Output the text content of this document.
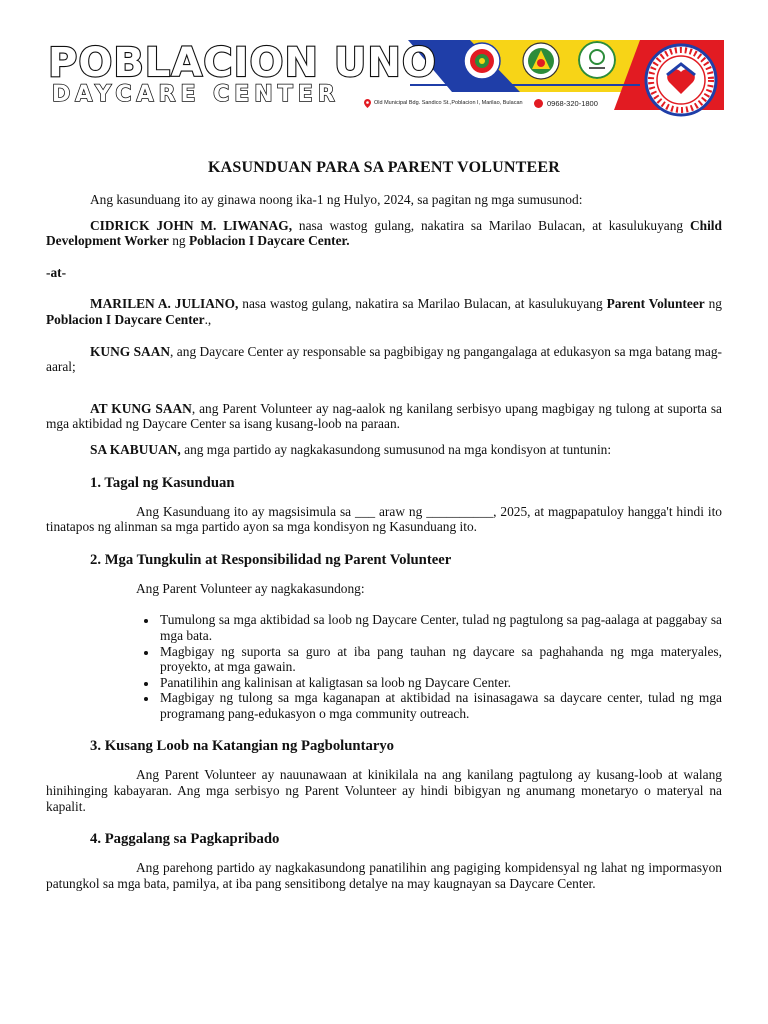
POBLACION UNO
DAYCARE CENTER	Old Municipal Bdg. Sandico St.,Poblacion I, Marilao, Bulacan	0968-320-1800
KASUNDUAN PARA SA PARENT VOLUNTEER

Ang kasunduang ito ay ginawa noong ika-1 ng Hulyo, 2024, sa pagitan ng mga sumusunod:

CIDRICK JOHN M. LIWANAG, nasa wastog gulang, nakatira sa Marilao Bulacan, at kasulukuyang Child Development Worker ng Poblacion I Daycare Center.

-at-

MARILEN A. JULIANO, nasa wastog gulang, nakatira sa Marilao Bulacan, at kasulukuyang Parent Volunteer ng Poblacion I Daycare Center.,

KUNG SAAN, ang Daycare Center ay responsable sa pagbibigay ng pangangalaga at edukasyon sa mga batang mag-aaral;

AT KUNG SAAN, ang Parent Volunteer ay nag-aalok ng kanilang serbisyo upang magbigay ng tulong at suporta sa mga aktibidad ng Daycare Center sa isang kusang-loob na paraan.

SA KABUUAN, ang mga partido ay nagkakasundong sumusunod na mga kondisyon at tuntunin:

1. Tagal ng Kasunduan

Ang Kasunduang ito ay magsisimula sa ___ araw ng __________, 2025, at magpapatuloy hangga't hindi ito tinatapos ng alinman sa mga partido ayon sa mga kondisyon ng Kasunduang ito.

2. Mga Tungkulin at Responsibilidad ng Parent Volunteer

Ang Parent Volunteer ay nagkakasundong:

• Tumulong sa mga aktibidad sa loob ng Daycare Center, tulad ng pagtulong sa pag-aalaga at paggabay sa mga bata.
• Magbigay ng suporta sa guro at iba pang tauhan ng daycare sa paghahanda ng mga materyales, proyekto, at mga gawain.
• Panatilihin ang kalinisan at kaligtasan sa loob ng Daycare Center.
• Magbigay ng tulong sa mga kaganapan at aktibidad na isinasagawa sa daycare center, tulad ng mga programang pang-edukasyon o mga community outreach.
3. Kusang Loob na Katangian ng Pagboluntaryo

Ang Parent Volunteer ay nauunawaan at kinikilala na ang kanilang pagtulong ay kusang-loob at walang hinihinging kabayaran. Ang mga serbisyo ng Parent Volunteer ay hindi bibigyan ng anumang monetaryo o materyal na kapalit.

4. Paggalang sa Pagkapribado

Ang parehong partido ay nagkakasundong panatilihin ang pagiging kompidensyal ng lahat ng impormasyon patungkol sa mga bata, pamilya, at iba pang sensitibong detalye na may kaugnayan sa Daycare Center.
